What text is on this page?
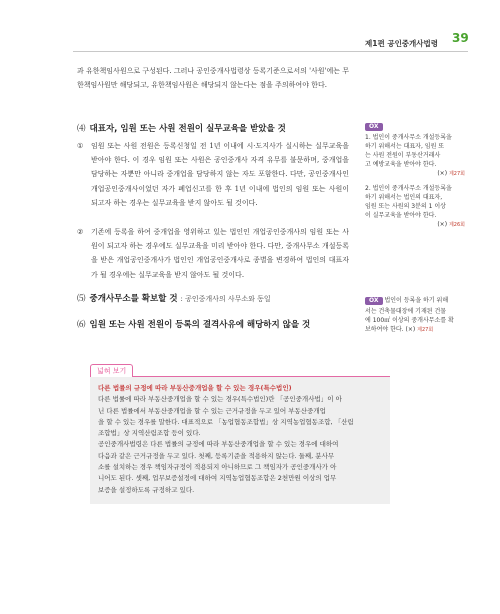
제1편 공인중개사법령 39

과 유한책임사원으로 구성된다. 그러나 공인중개사법령상 등록기준으로서의 '사원'에는 무한책임사원만 해당되고, 유한책임사원은 해당되지 않는다는 점을 주의하여야 한다.

⑷ 대표자, 임원 또는 사원 전원이 실무교육을 받았을 것
① 임원 또는 사원 전원은 등록신청일 전 1년 이내에 시·도지사가 실시하는 실무교육을 받아야 한다. 이 경우 임원 또는 사원은 공인중개사 자격 유무를 불문하며, 중개업을 담당하는 자뿐만 아니라 중개업을 담당하지 않는 자도 포함한다. 다만, 공인중개사인 개업공인중개사이었던 자가 폐업신고를 한 후 1년 이내에 법인의 임원 또는 사원이 되고자 하는 경우는 실무교육을 받지 않아도 될 것이다.

② 기존에 등록을 하여 중개업을 영위하고 있는 법인인 개업공인중개사의 임원 또는 사원이 되고자 하는 경우에도 실무교육을 미리 받아야 한다. 다만, 중개사무소 개설등록을 받은 개업공인중개사가 법인인 개업공인중개사로 종별을 변경하여 법인의 대표자가 될 경우에는 실무교육을 받지 않아도 될 것이다.

⑸ 중개사무소를 확보할 것 : 공인중개사의 사무소와 동일
⑹ 임원 또는 사원 전원이 등록의 결격사유에 해당하지 않을 것
OX
1. 법인이 중개사무소 개설등록을
하기 위해서는 대표자, 임원 또
는 사원 전원이 부동산거래사
고 예방교육을 받아야 한다.
(×) 제27회
2. 법인이 중개사무소 개설등록을
하기 위해서는 법인의 대표자,
임원 또는 사원의 3분의 1 이상
이 실무교육을 받아야 한다.
(×) 제26회
OX 법인이 등록을 하기 위해
서는 건축물대장에 기재된 건물
에 100㎡ 이상의 중개사무소를 확
보하여야 한다. (×) 제27회
넓혀 보기
다른 법률의 규정에 따라 부동산중개업을 할 수 있는 경우(특수법인)
다른 법률에 따라 부동산중개업을 할 수 있는 경우(특수법인)란 「공인중개사법」이 아
닌 다른 법률에서 부동산중개업을 할 수 있는 근거규정을 두고 있어 부동산중개업
을 할 수 있는 경우를 말한다. 대표적으로 「농업협동조합법」상 지역농업협동조합, 「산림
조합법」상 지역산림조합 등이 있다.
공인중개사법령은 다른 법률의 규정에 따라 부동산중개업을 할 수 있는 경우에 대하여
다음과 같은 근거규정을 두고 있다. 첫째, 등록기준을 적용하지 않는다. 둘째, 분사무
소를 설치하는 경우 책임자규정이 적용되지 아니하므로 그 책임자가 공인중개사가 아
니어도 된다. 셋째, 업무보증설정에 대하여 지역농업협동조합은 2천만원 이상의 업무
보증을 설정하도록 규정하고 있다.
